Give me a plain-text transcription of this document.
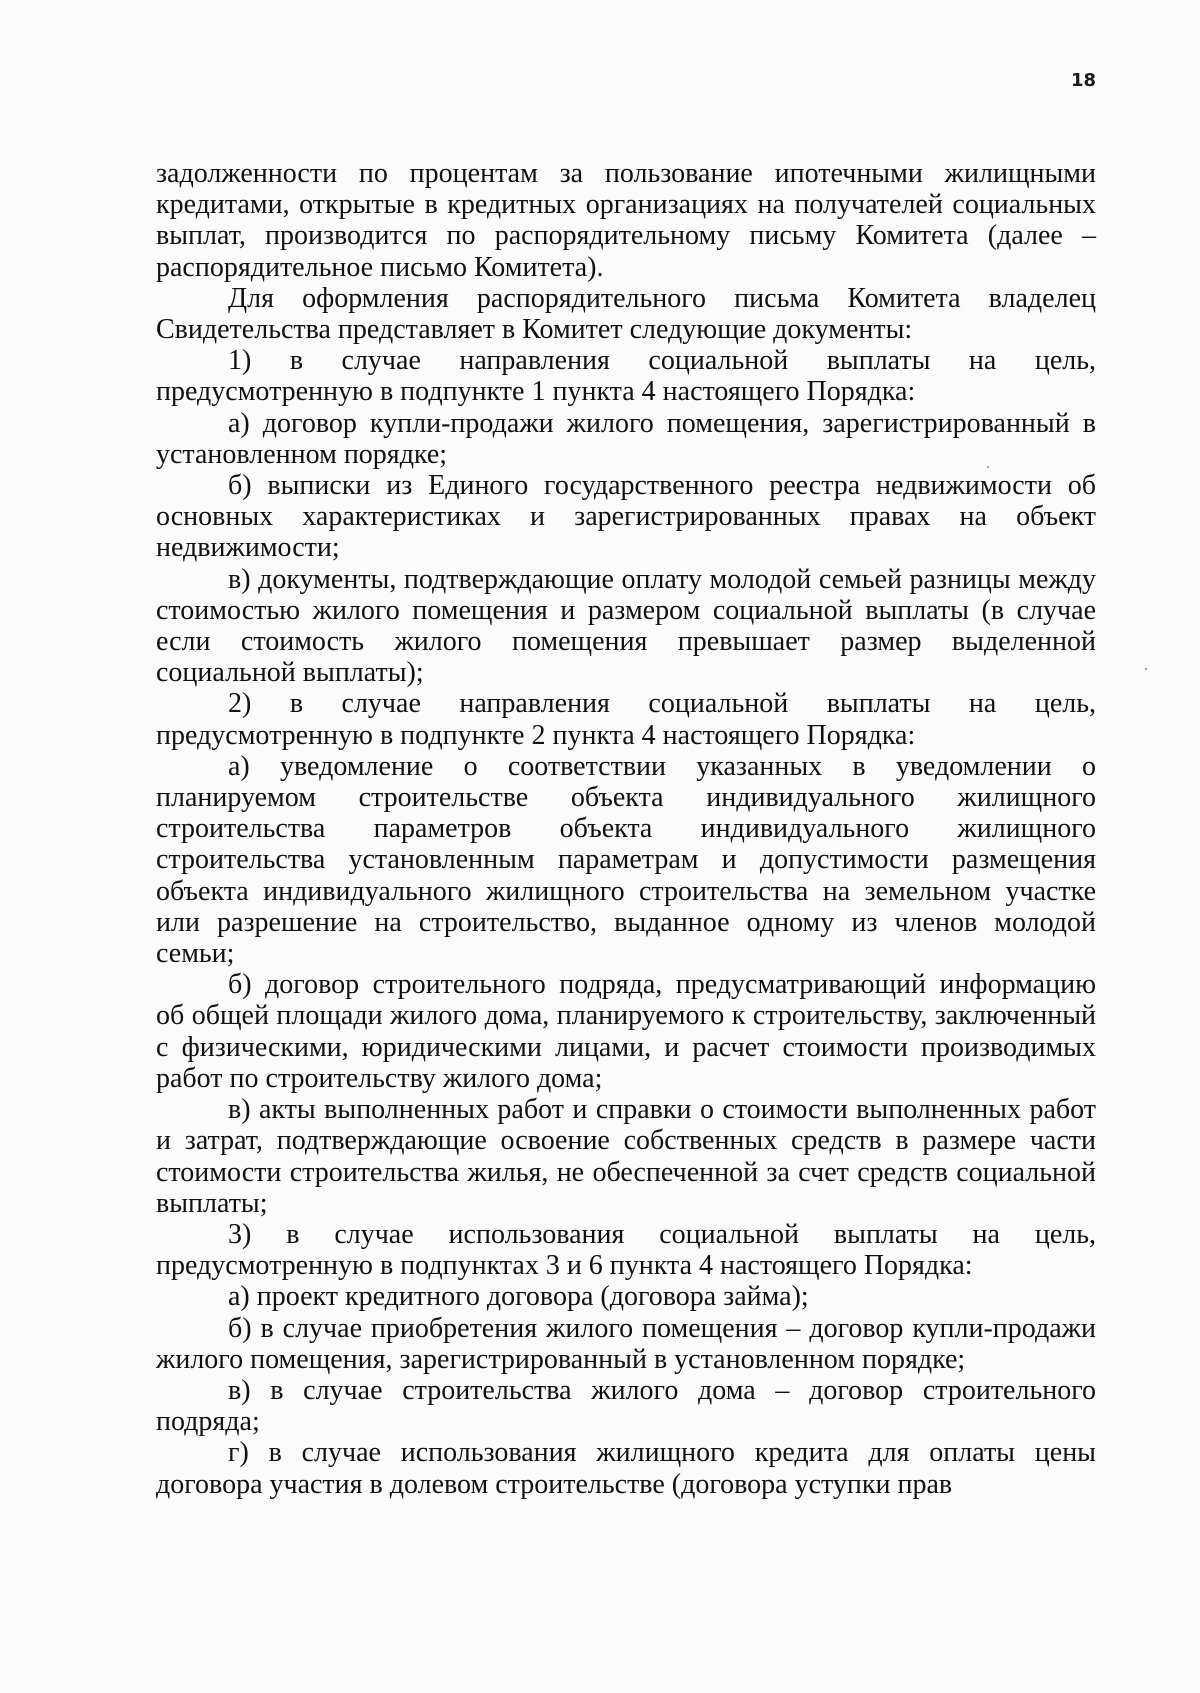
18

задолженности по процентам за пользование ипотечными жилищными кредитами, открытые в кредитных организациях на получателей социальных выплат, производится по распорядительному письму Комитета (далее – распорядительное письмо Комитета).

Для оформления распорядительного письма Комитета владелец Свидетельства представляет в Комитет следующие документы:

1) в случае направления социальной выплаты на цель, предусмотренную в подпункте 1 пункта 4 настоящего Порядка:

а) договор купли-продажи жилого помещения, зарегистрированный в установленном порядке;

б) выписки из Единого государственного реестра недвижимости об основных характеристиках и зарегистрированных правах на объект недвижимости;

в) документы, подтверждающие оплату молодой семьей разницы между стоимостью жилого помещения и размером социальной выплаты (в случае если стоимость жилого помещения превышает размер выделенной социальной выплаты);

2) в случае направления социальной выплаты на цель, предусмотренную в подпункте 2 пункта 4 настоящего Порядка:

а) уведомление о соответствии указанных в уведомлении о планируемом строительстве объекта индивидуального жилищного строительства параметров объекта индивидуального жилищного строительства установленным параметрам и допустимости размещения объекта индивидуального жилищного строительства на земельном участке или разрешение на строительство, выданное одному из членов молодой семьи;

б) договор строительного подряда, предусматривающий информацию об общей площади жилого дома, планируемого к строительству, заключенный с физическими, юридическими лицами, и расчет стоимости производимых работ по строительству жилого дома;

в) акты выполненных работ и справки о стоимости выполненных работ и затрат, подтверждающие освоение собственных средств в размере части стоимости строительства жилья, не обеспеченной за счет средств социальной выплаты;

3) в случае использования социальной выплаты на цель, предусмотренную в подпунктах 3 и 6 пункта 4 настоящего Порядка:

а) проект кредитного договора (договора займа);

б) в случае приобретения жилого помещения – договор купли-продажи жилого помещения, зарегистрированный в установленном порядке;

в) в случае строительства жилого дома – договор строительного подряда;

г) в случае использования жилищного кредита для оплаты цены договора участия в долевом строительстве (договора уступки прав
